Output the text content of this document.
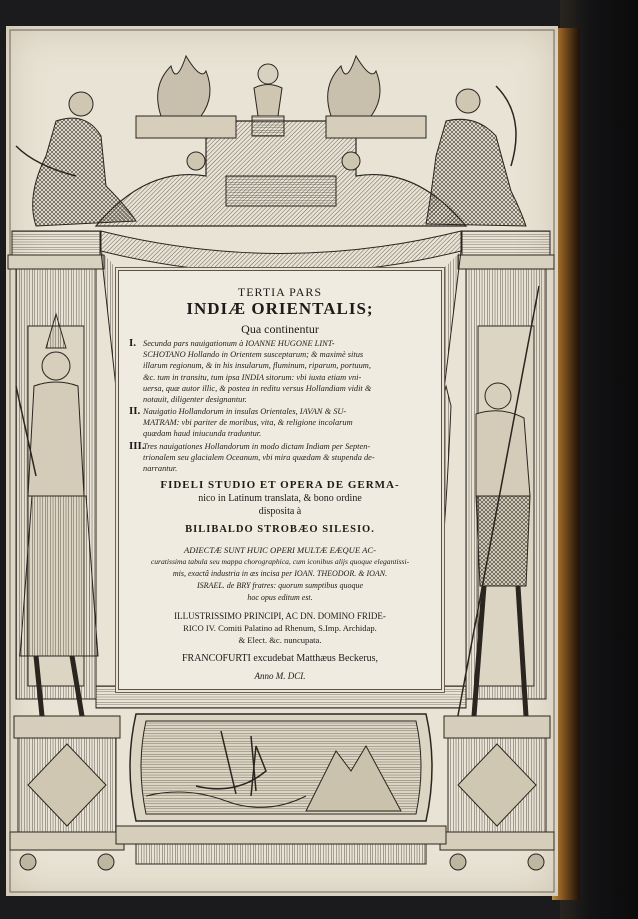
TERTIA PARS
INDIÆ ORIENTALIS;
Qua continentur
I. Secunda pars nauigationum à IOANNE HUGONE LINT-
SCHOTANO Hollando in Orientem susceptarum; & maximè situs
illarum regionum, & in his insularum, fluminum, riparum, portuum,
&c. tum in transitu, tum ipsa INDIA sitorum: vbi iuxta etiam vni-
uersa, quæ autor illic, & postea in reditu versus Hollandiam vidit &
notauit, diligenter designantur.
II. Nauigatio Hollandorum in insulas Orientales, IAVAN & SU-
MATRAM: vbi pariter de moribus, vita, & religione incolarum
quædam haud iniucunda traduntur.
III.
Tres nauigationes Hollandorum in modo dictam Indiam per Septen-
trionalem seu glacialem Oceanum, vbi mira quædam & stupenda de-
narrantur.
FIDELI STUDIO ET OPERA DE GERMA-
nico in Latinum translata, & bono ordine
disposita à
BILIBALDO STROBÆO SILESIO.
ADIECTÆ SUNT HUIC OPERI MULTÆ EÆQUE AC-
curatissima tabula seu mappa chorographica, cum iconibus alijs quoque elegantissi-
mis, exactâ industria in æs incisa per IOAN. THEODOR. & IOAN.
ISRAEL. de BRY fratres: quorum sumptibus quoque
hoc opus editum est.
ILLUSTRISSIMO PRINCIPI, AC DN. DOMINO FRIDE-
RICO IV. Comiti Palatino ad Rhenum, S.Imp. Archidap.
& Elect. &c. nuncupata.
FRANCOFURTI excudebat Matthæus Beckerus,
Anno M. DCI.
